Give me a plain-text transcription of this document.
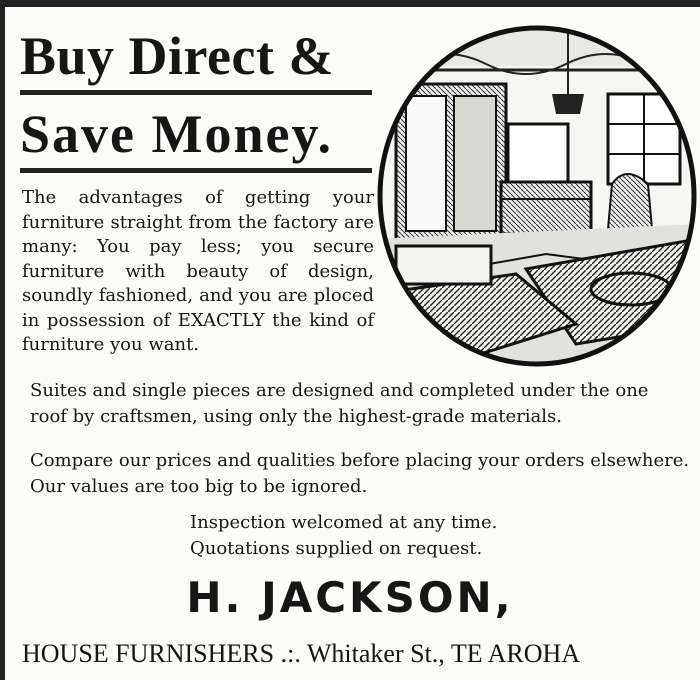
Buy Direct &
Save Money.

The advantages of getting your furniture straight from the factory are many: You pay less; you secure furniture with beauty of design, soundly fashioned, and you are ploced in possession of EXACTLY the kind of furniture you want.

Suites and single pieces are designed and completed under the one roof by craftsmen, using only the highest-grade materials.

Compare our prices and qualities before placing your orders elsewhere. Our values are too big to be ignored.

Inspection welcomed at any time.
Quotations supplied on request.

H. JACKSON,

HOUSE FURNISHERS .:. Whitaker St., TE AROHA
